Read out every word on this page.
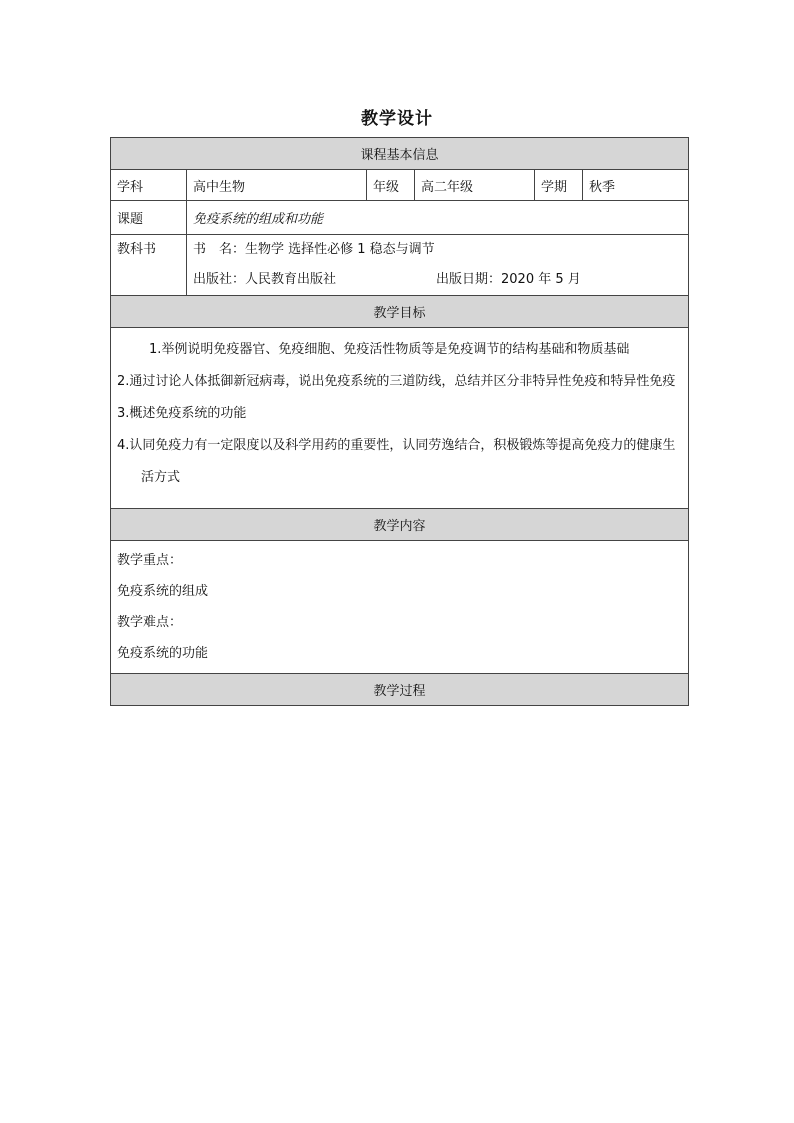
教学设计
课程基本信息					
学科	高中生物	年级	高二年级	学期	秋季
课题	免疫系统的组成和功能				
教科书	书　名：生物学 选择性必修 1 稳态与调节
出版社：人民教育出版社 出版日期：2020 年 5 月				

教学目标					

1.举例说明免疫器官、免疫细胞、免疫活性物质等是免疫调节的结构基础和物质基础
2.通过讨论人体抵御新冠病毒，说出免疫系统的三道防线，总结并区分非特异性免疫和特异性免疫
3.概述免疫系统的功能
4.认同免疫力有一定限度以及科学用药的重要性，认同劳逸结合，积极锻炼等提高免疫力的健康生活方式					

教学内容					

教学重点：
免疫系统的组成
教学难点：
免疫系统的功能					

教学过程					
